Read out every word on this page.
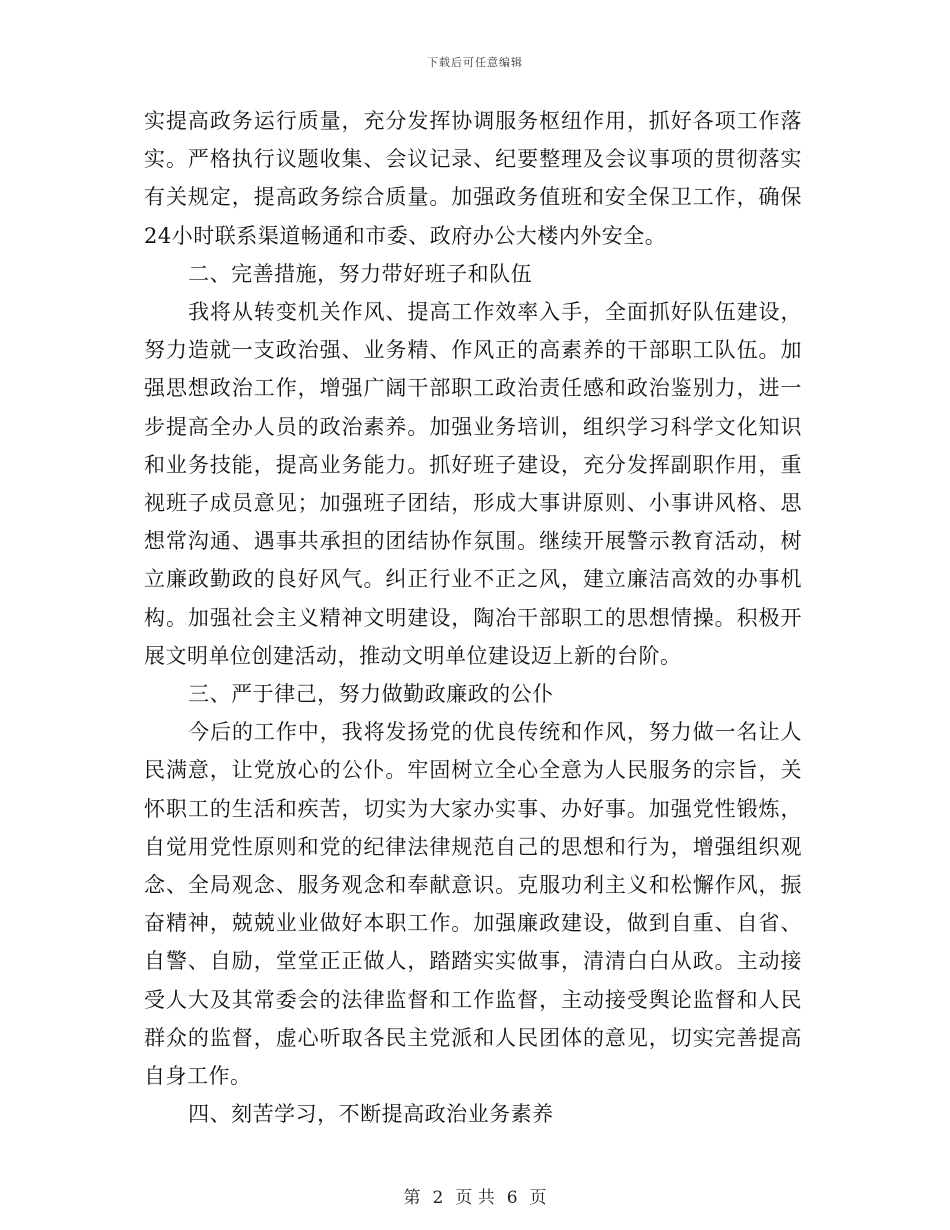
下载后可任意编辑

实提高政务运行质量，充分发挥协调服务枢纽作用，抓好各项工作落实。严格执行议题收集、会议记录、纪要整理及会议事项的贯彻落实有关规定，提高政务综合质量。加强政务值班和安全保卫工作，确保24小时联系渠道畅通和市委、政府办公大楼内外安全。

二、完善措施，努力带好班子和队伍

我将从转变机关作风、提高工作效率入手，全面抓好队伍建设，努力造就一支政治强、业务精、作风正的高素养的干部职工队伍。加强思想政治工作，增强广阔干部职工政治责任感和政治鉴别力，进一步提高全办人员的政治素养。加强业务培训，组织学习科学文化知识和业务技能，提高业务能力。抓好班子建设，充分发挥副职作用，重视班子成员意见；加强班子团结，形成大事讲原则、小事讲风格、思想常沟通、遇事共承担的团结协作氛围。继续开展警示教育活动，树立廉政勤政的良好风气。纠正行业不正之风，建立廉洁高效的办事机构。加强社会主义精神文明建设，陶冶干部职工的思想情操。积极开展文明单位创建活动，推动文明单位建设迈上新的台阶。

三、严于律己，努力做勤政廉政的公仆

今后的工作中，我将发扬党的优良传统和作风，努力做一名让人民满意，让党放心的公仆。牢固树立全心全意为人民服务的宗旨，关怀职工的生活和疾苦，切实为大家办实事、办好事。加强党性锻炼，自觉用党性原则和党的纪律法律规范自己的思想和行为，增强组织观念、全局观念、服务观念和奉献意识。克服功利主义和松懈作风，振奋精神，兢兢业业做好本职工作。加强廉政建设，做到自重、自省、自警、自励，堂堂正正做人，踏踏实实做事，清清白白从政。主动接受人大及其常委会的法律监督和工作监督，主动接受舆论监督和人民群众的监督，虚心听取各民主党派和人民团体的意见，切实完善提高自身工作。

四、刻苦学习，不断提高政治业务素养

第 2 页 共 6 页
